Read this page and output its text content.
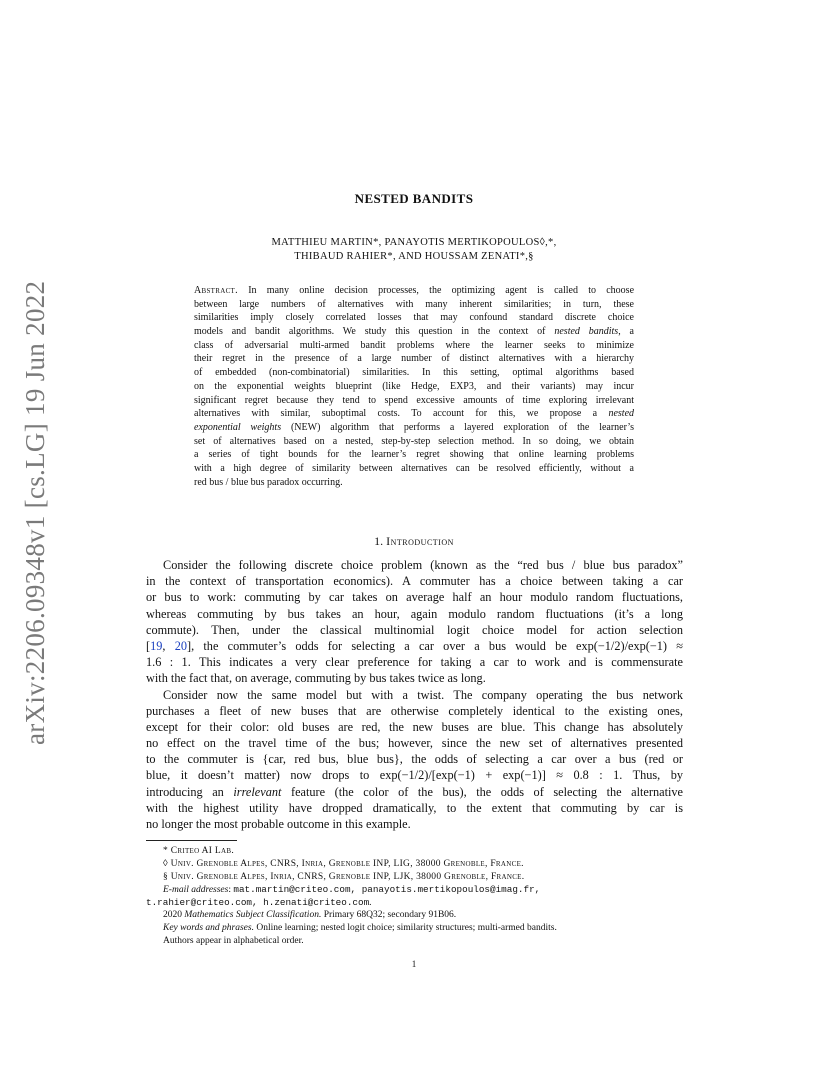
arXiv:2206.09348v1 [cs.LG] 19 Jun 2022
NESTED BANDITS
MATTHIEU MARTIN*, PANAYOTIS MERTIKOPOULOS◊,*,
THIBAUD RAHIER*, AND HOUSSAM ZENATI*,§
Abstract. In many online decision processes, the optimizing agent is called to choose
between large numbers of alternatives with many inherent similarities; in turn, these
similarities imply closely correlated losses that may confound standard discrete choice
models and bandit algorithms. We study this question in the context of nested bandits, a
class of adversarial multi-armed bandit problems where the learner seeks to minimize
their regret in the presence of a large number of distinct alternatives with a hierarchy
of embedded (non-combinatorial) similarities. In this setting, optimal algorithms based
on the exponential weights blueprint (like Hedge, EXP3, and their variants) may incur
significant regret because they tend to spend excessive amounts of time exploring irrelevant
alternatives with similar, suboptimal costs. To account for this, we propose a nested
exponential weights (NEW) algorithm that performs a layered exploration of the learner’s
set of alternatives based on a nested, step-by-step selection method. In so doing, we obtain
a series of tight bounds for the learner’s regret showing that online learning problems
with a high degree of similarity between alternatives can be resolved efficiently, without a
red bus / blue bus paradox occurring.
1. Introduction
Consider the following discrete choice problem (known as the “red bus / blue bus paradox”
in the context of transportation economics). A commuter has a choice between taking a car
or bus to work: commuting by car takes on average half an hour modulo random fluctuations,
whereas commuting by bus takes an hour, again modulo random fluctuations (it’s a long
commute). Then, under the classical multinomial logit choice model for action selection
[19, 20], the commuter’s odds for selecting a car over a bus would be exp(−1/2)/exp(−1) ≈
1.6 : 1. This indicates a very clear preference for taking a car to work and is commensurate
with the fact that, on average, commuting by bus takes twice as long.
Consider now the same model but with a twist. The company operating the bus network
purchases a fleet of new buses that are otherwise completely identical to the existing ones,
except for their color: old buses are red, the new buses are blue. This change has absolutely
no effect on the travel time of the bus; however, since the new set of alternatives presented
to the commuter is {car, red bus, blue bus}, the odds of selecting a car over a bus (red or
blue, it doesn’t matter) now drops to exp(−1/2)/[exp(−1) + exp(−1)] ≈ 0.8 : 1. Thus, by
introducing an irrelevant feature (the color of the bus), the odds of selecting the alternative
with the highest utility have dropped dramatically, to the extent that commuting by car is
no longer the most probable outcome in this example.
* Criteo AI Lab.
◊ Univ. Grenoble Alpes, CNRS, Inria, Grenoble INP, LIG, 38000 Grenoble, France.
§ Univ. Grenoble Alpes, Inria, CNRS, Grenoble INP, LJK, 38000 Grenoble, France.
E-mail addresses: mat.martin@criteo.com, panayotis.mertikopoulos@imag.fr,
t.rahier@criteo.com, h.zenati@criteo.com.
2020 Mathematics Subject Classification. Primary 68Q32; secondary 91B06.
Key words and phrases. Online learning; nested logit choice; similarity structures; multi-armed bandits.
Authors appear in alphabetical order.
1
